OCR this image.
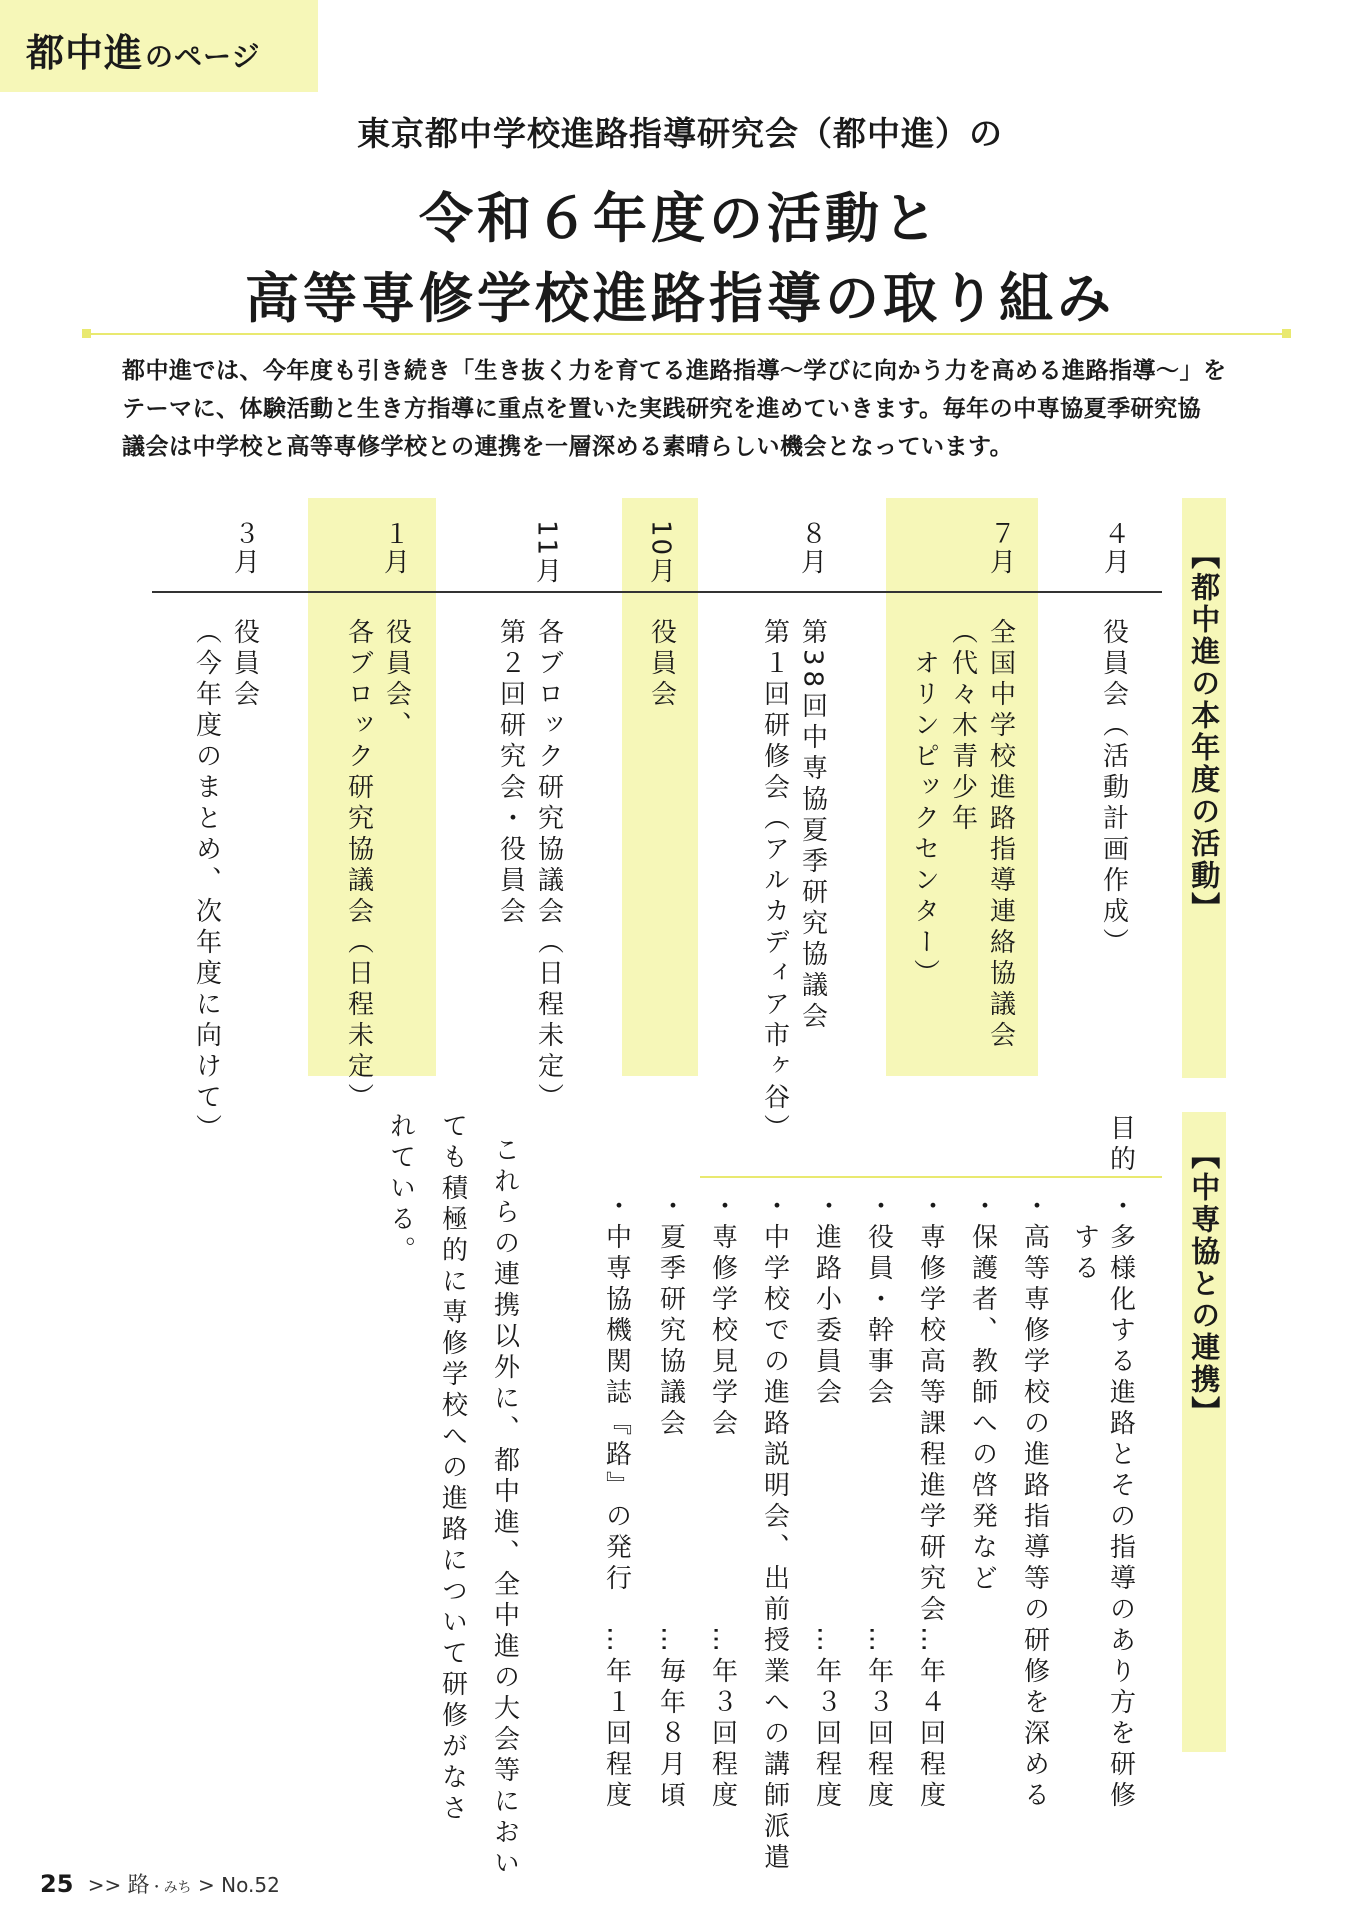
都中進のページ
東京都中学校進路指導研究会（都中進）の
令和６年度の活動と
高等専修学校進路指導の取り組み
都中進では、今年度も引き続き「生き抜く力を育てる進路指導～学びに向かう力を高める進路指導～」を
テーマに、体験活動と生き方指導に重点を置いた実践研究を進めていきます。毎年の中専協夏季研究協
議会は中学校と高等専修学校との連携を一層深める素晴らしい機会となっています。
【都中進の本年度の活動】
４月
７月
８月
10月
11月
１月
３月
役員会（活動計画作成）
全国中学校進路指導連絡協議会
（代々木青少年
　オリンピックセンター）
第38回中専協夏季研究協議会
第１回研修会（アルカディア市ヶ谷）
役員会
各ブロック研究協議会（日程未定）
第２回研究会・役員会
役員会、
各ブロック研究協議会（日程未定）
役員会
（今年度のまとめ、次年度に向けて）
【中専協との連携】
目的
・多様化する進路とその指導のあり方を研修
　する
・高等専修学校の進路指導等の研修を深める
・保護者、教師への啓発など
・専修学校高等課程進学研究会…年４回程度
・役員・幹事会　　　　　　　…年３回程度
・進路小委員会　　　　　　　…年３回程度
・中学校での進路説明会、出前授業への講師派遣
・専修学校見学会　　　　　　…年３回程度
・夏季研究協議会　　　　　　…毎年８月頃
・中専協機関誌『路』の発行　…年１回程度
これらの連携以外に、都中進、全中進の大会等におい
ても積極的に専修学校への進路について研修がなさ
れている。
25 >> 路・みち > No.52
